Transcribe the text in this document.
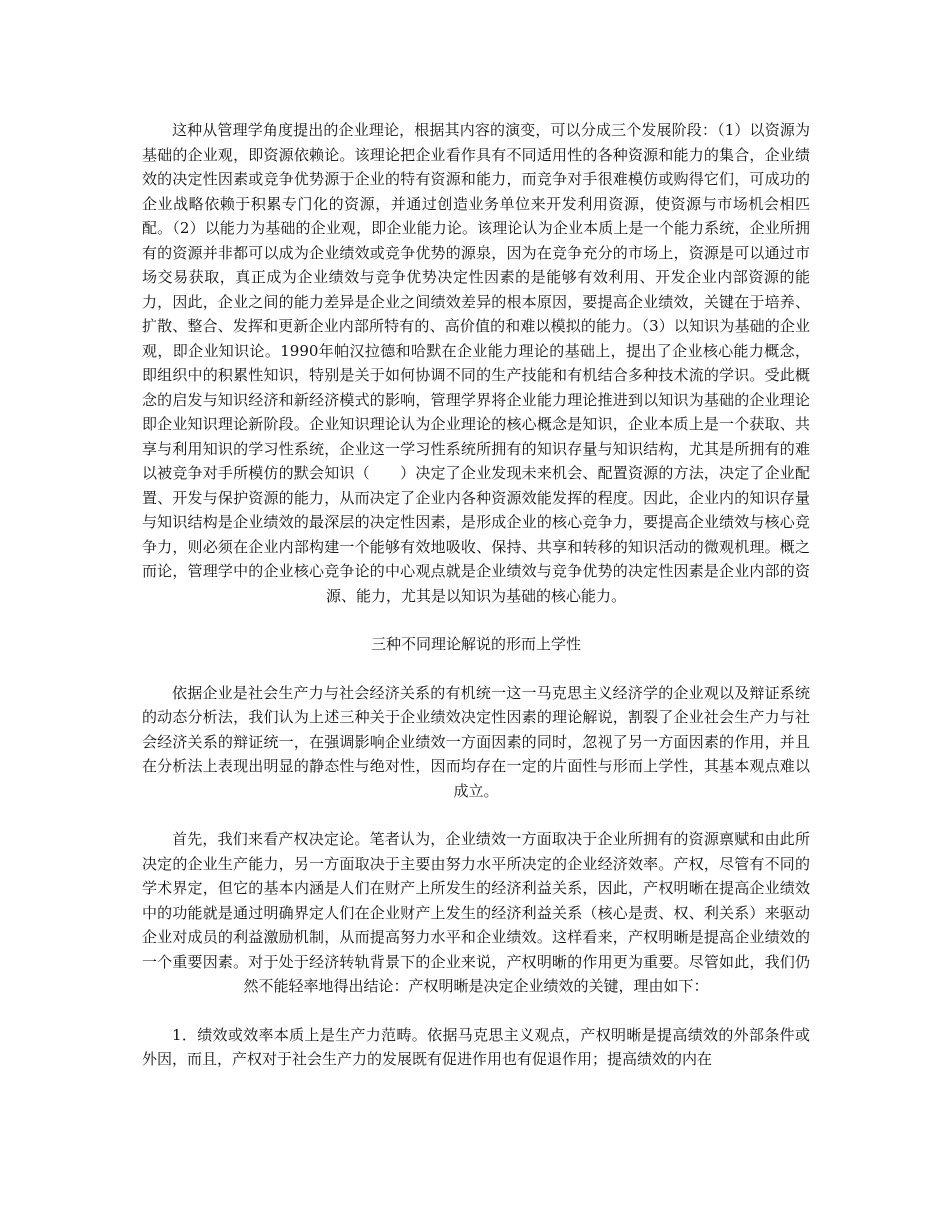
这种从管理学角度提出的企业理论，根据其内容的演变，可以分成三个发展阶段：（1）以资源为基础的企业观，即资源依赖论。该理论把企业看作具有不同适用性的各种资源和能力的集合，企业绩效的决定性因素或竞争优势源于企业的特有资源和能力，而竞争对手很难模仿或购得它们，可成功的企业战略依赖于积累专门化的资源，并通过创造业务单位来开发利用资源，使资源与市场机会相匹配。（2）以能力为基础的企业观，即企业能力论。该理论认为企业本质上是一个能力系统，企业所拥有的资源并非都可以成为企业绩效或竞争优势的源泉，因为在竞争充分的市场上，资源是可以通过市场交易获取，真正成为企业绩效与竞争优势决定性因素的是能够有效利用、开发企业内部资源的能力，因此，企业之间的能力差异是企业之间绩效差异的根本原因，要提高企业绩效，关键在于培养、扩散、整合、发挥和更新企业内部所特有的、高价值的和难以模拟的能力。（3）以知识为基础的企业观，即企业知识论。1990年帕汉拉德和哈默在企业能力理论的基础上，提出了企业核心能力概念，即组织中的积累性知识，特别是关于如何协调不同的生产技能和有机结合多种技术流的学识。受此概念的启发与知识经济和新经济模式的影响，管理学界将企业能力理论推进到以知识为基础的企业理论即企业知识理论新阶段。企业知识理论认为企业理论的核心概念是知识，企业本质上是一个获取、共享与利用知识的学习性系统，企业这一学习性系统所拥有的知识存量与知识结构，尤其是所拥有的难以被竞争对手所模仿的默会知识（　　）决定了企业发现未来机会、配置资源的方法，决定了企业配置、开发与保护资源的能力，从而决定了企业内各种资源效能发挥的程度。因此，企业内的知识存量与知识结构是企业绩效的最深层的决定性因素，是形成企业的核心竞争力，要提高企业绩效与核心竞争力，则必须在企业内部构建一个能够有效地吸收、保持、共享和转移的知识活动的微观机理。概之而论，管理学中的企业核心竞争论的中心观点就是企业绩效与竞争优势的决定性因素是企业内部的资源、能力，尤其是以知识为基础的核心能力。

三种不同理论解说的形而上学性

依据企业是社会生产力与社会经济关系的有机统一这一马克思主义经济学的企业观以及辩证系统的动态分析法，我们认为上述三种关于企业绩效决定性因素的理论解说，割裂了企业社会生产力与社会经济关系的辩证统一，在强调影响企业绩效一方面因素的同时，忽视了另一方面因素的作用，并且在分析法上表现出明显的静态性与绝对性，因而均存在一定的片面性与形而上学性，其基本观点难以成立。

首先，我们来看产权决定论。笔者认为，企业绩效一方面取决于企业所拥有的资源禀赋和由此所决定的企业生产能力，另一方面取决于主要由努力水平所决定的企业经济效率。产权，尽管有不同的学术界定，但它的基本内涵是人们在财产上所发生的经济利益关系，因此，产权明晰在提高企业绩效中的功能就是通过明确界定人们在企业财产上发生的经济利益关系（核心是责、权、利关系）来驱动企业对成员的利益激励机制，从而提高努力水平和企业绩效。这样看来，产权明晰是提高企业绩效的一个重要因素。对于处于经济转轨背景下的企业来说，产权明晰的作用更为重要。尽管如此，我们仍然不能轻率地得出结论：产权明晰是决定企业绩效的关键，理由如下：

1．绩效或效率本质上是生产力范畴。依据马克思主义观点，产权明晰是提高绩效的外部条件或外因，而且，产权对于社会生产力的发展既有促进作用也有促退作用；提高绩效的内在
